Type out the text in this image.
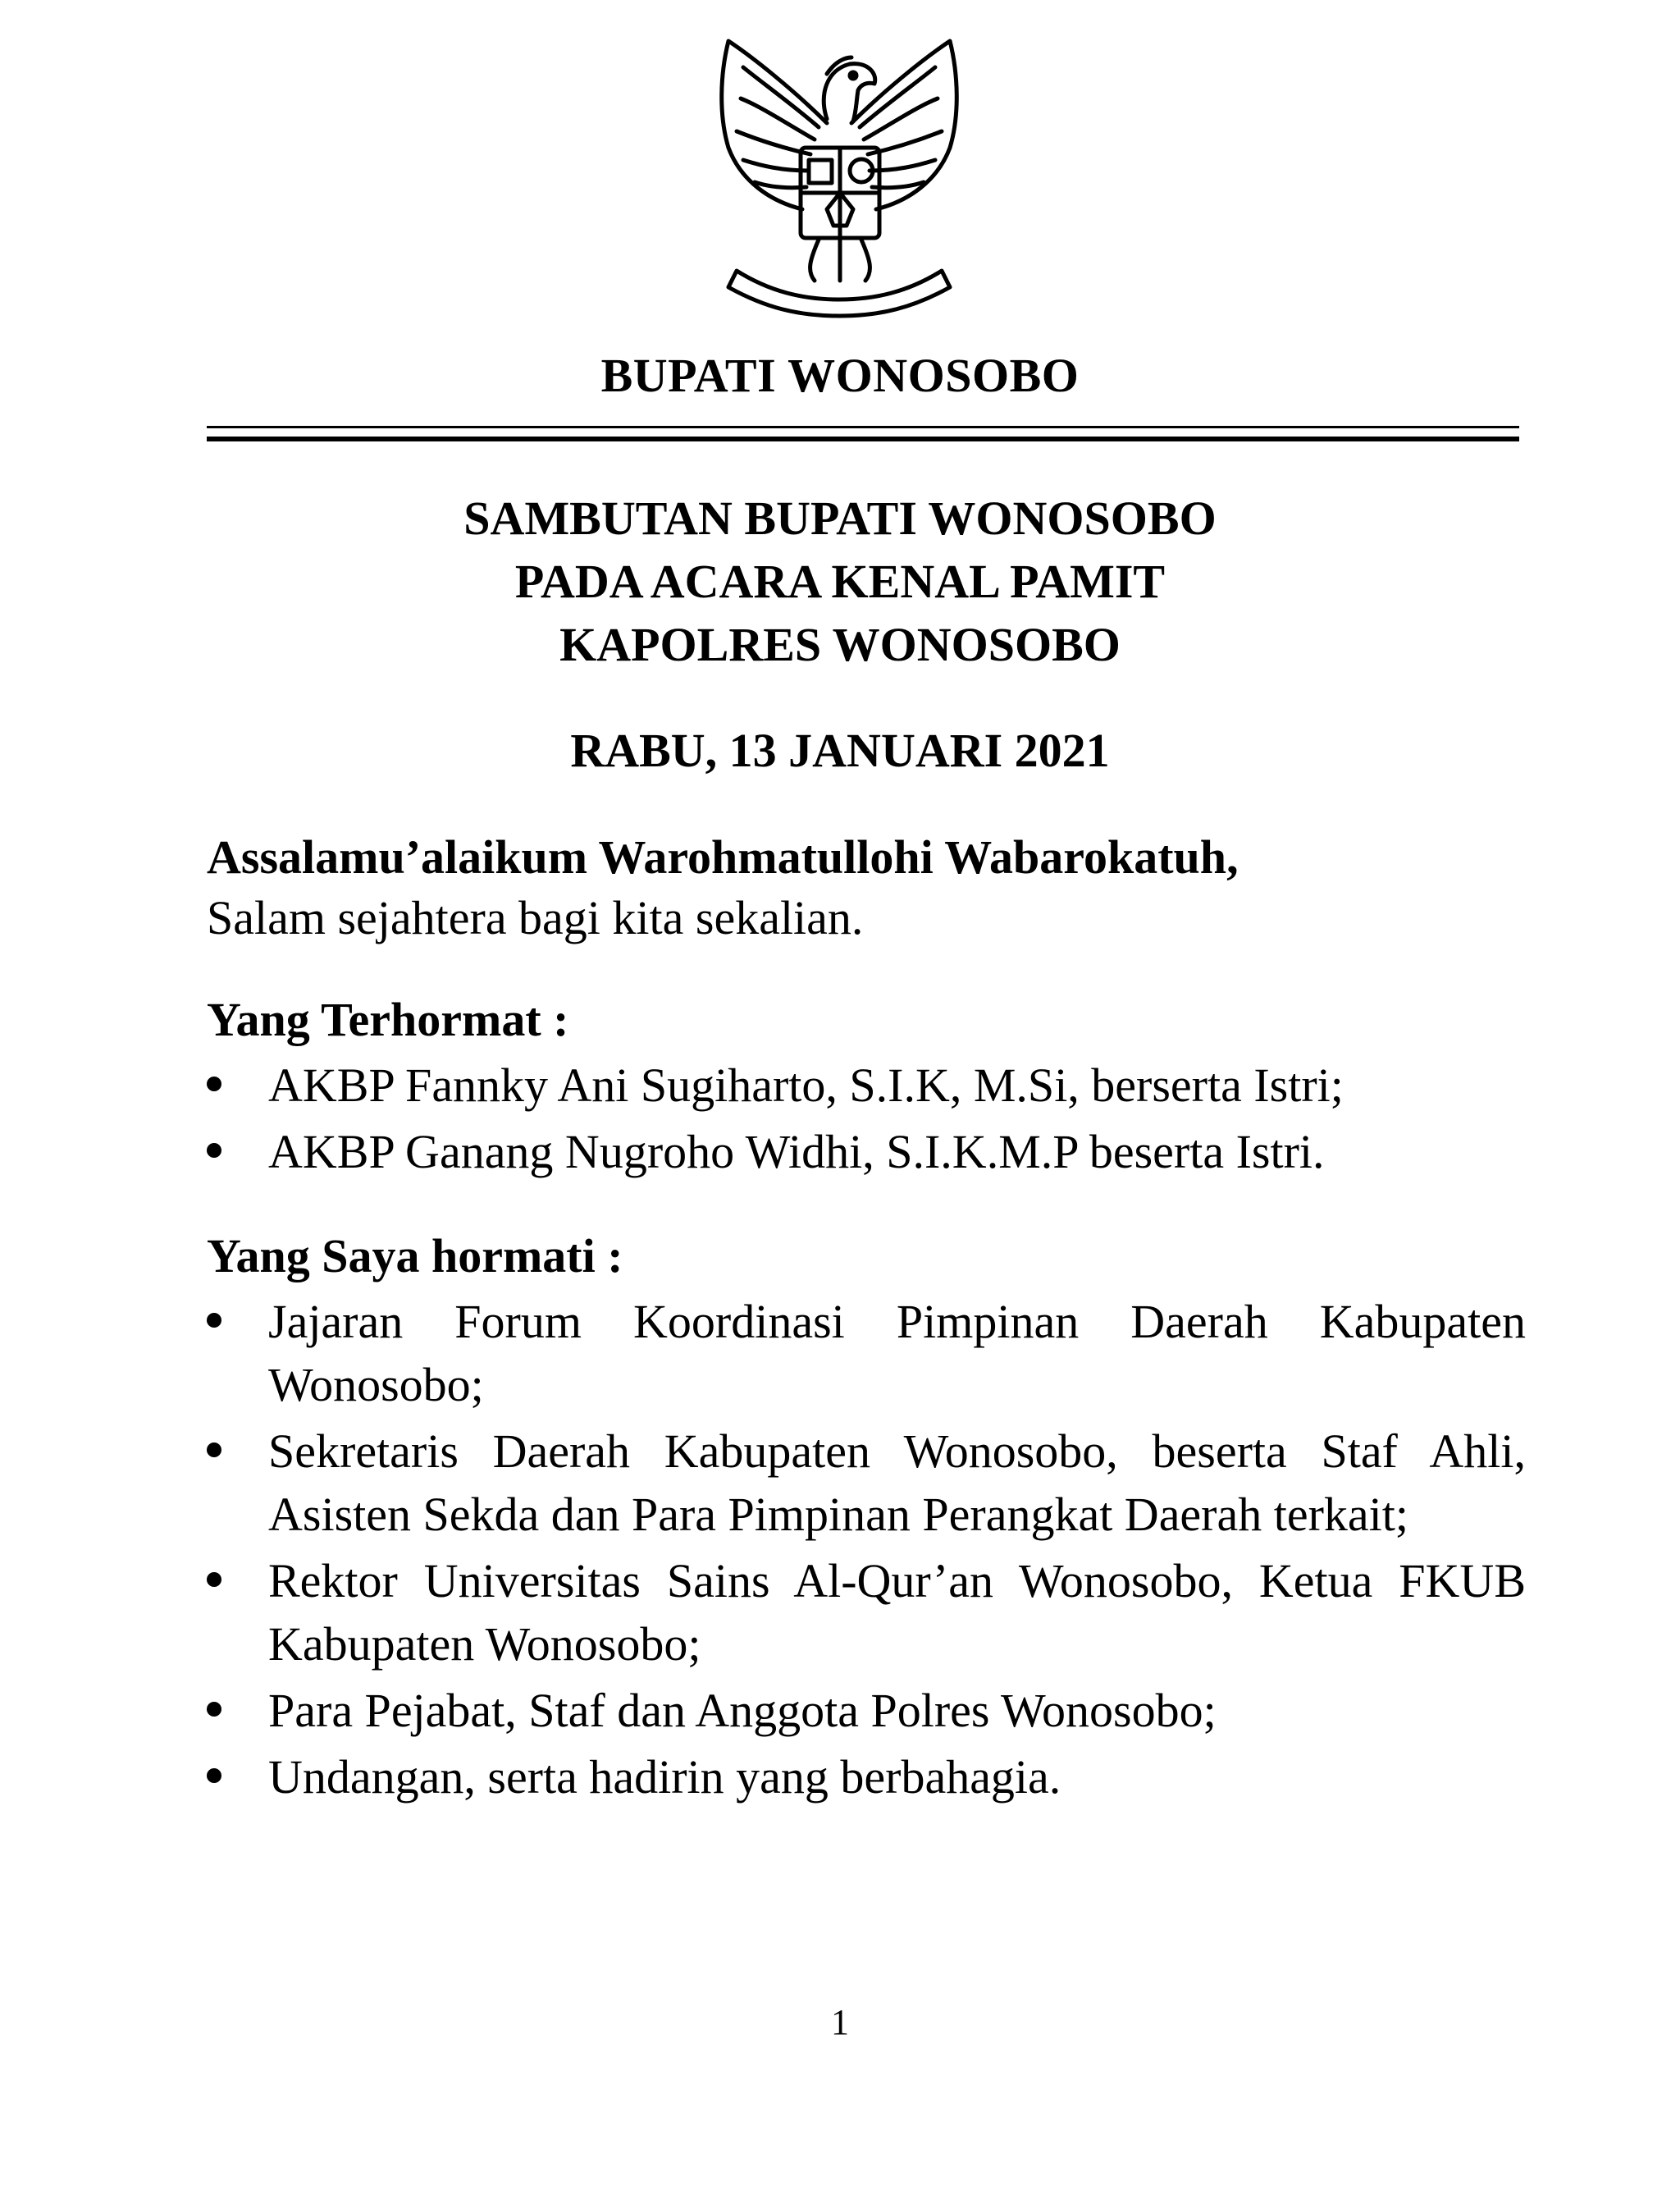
BUPATI WONOSOBO
SAMBUTAN BUPATI WONOSOBO
PADA ACARA KENAL PAMIT
KAPOLRES WONOSOBO
RABU, 13 JANUARI 2021
Assalamu’alaikum Warohmatullohi Wabarokatuh,
Salam sejahtera bagi kita sekalian.
Yang Terhormat :
AKBP Fannky Ani Sugiharto, S.I.K, M.Si, berserta Istri;
AKBP Ganang Nugroho Widhi, S.I.K.M.P beserta Istri.
Yang Saya hormati :
Jajaran Forum Koordinasi Pimpinan Daerah Kabupaten Wonosobo;
Sekretaris Daerah Kabupaten Wonosobo, beserta Staf Ahli, Asisten Sekda dan Para Pimpinan Perangkat Daerah terkait;
Rektor Universitas Sains Al-Qur’an Wonosobo, Ketua FKUB Kabupaten Wonosobo;
Para Pejabat, Staf dan Anggota Polres Wonosobo;
Undangan, serta hadirin yang berbahagia.
1
